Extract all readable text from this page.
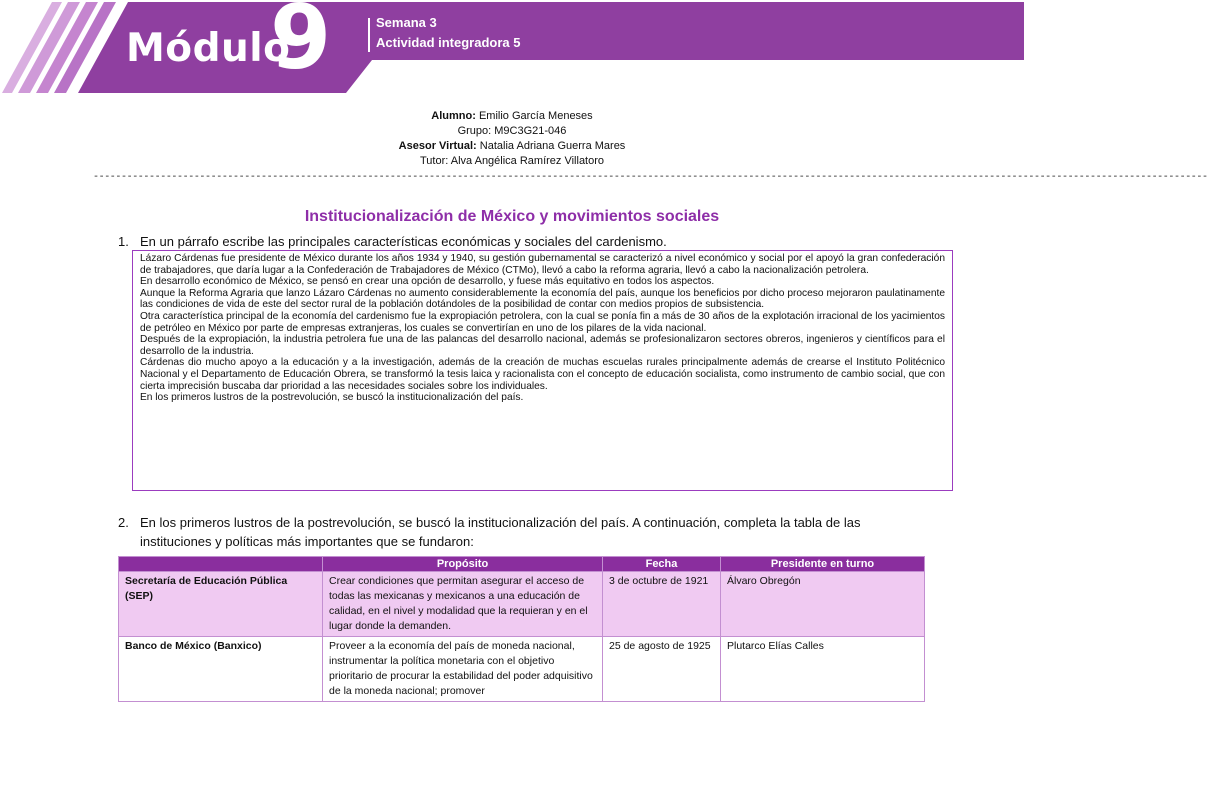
Módulo
9	Semana 3
Actividad integradora 5
Alumno: Emilio García Meneses
Grupo: M9C3G21-046
Asesor Virtual: Natalia Adriana Guerra Mares
Tutor: Alva Angélica Ramírez Villatoro
-------------------------------------------------------------------------------------------------------------------------------------------------------------------------------------------------------
Institucionalización de México y movimientos sociales
1. En un párrafo escribe las principales características económicas y sociales del cardenismo.

Lázaro Cárdenas fue presidente de México durante los años 1934 y 1940, su gestión gubernamental se caracterizó a nivel económico y social por el apoyó la gran confederación de trabajadores, que daría lugar a la Confederación de Trabajadores de México (CTMo), llevó a cabo la reforma agraria, llevó a cabo la nacionalización petrolera.

En desarrollo económico de México, se pensó en crear una opción de desarrollo, y fuese más equitativo en todos los aspectos.

Aunque la Reforma Agraria que lanzo Lázaro Cárdenas no aumento considerablemente la economía del país, aunque los beneficios por dicho proceso mejoraron paulatinamente las condiciones de vida de este del sector rural de la población dotándoles de la posibilidad de contar con medios propios de subsistencia.

Otra característica principal de la economía del cardenismo fue la expropiación petrolera, con la cual se ponía fin a más de 30 años de la explotación irracional de los yacimientos de petróleo en México por parte de empresas extranjeras, los cuales se convertirían en uno de los pilares de la vida nacional.

Después de la expropiación, la industria petrolera fue una de las palancas del desarrollo nacional, además se profesionalizaron sectores obreros, ingenieros y científicos para el desarrollo de la industria.

Cárdenas dio mucho apoyo a la educación y a la investigación, además de la creación de muchas escuelas rurales principalmente además de crearse el Instituto Politécnico Nacional y el Departamento de Educación Obrera, se transformó la tesis laica y racionalista con el concepto de educación socialista, como instrumento de cambio social, que con cierta imprecisión buscaba dar prioridad a las necesidades sociales sobre los individuales.

En los primeros lustros de la postrevolución, se buscó la institucionalización del país.

2. En los primeros lustros de la postrevolución, se buscó la institucionalización del país. A continuación, completa la tabla de las instituciones y políticas más importantes que se fundaron:
	Propósito	Fecha	Presidente en turno
Secretaría de Educación Pública (SEP)	Crear condiciones que permitan asegurar el acceso de todas las mexicanas y mexicanos a una educación de calidad, en el nivel y modalidad que la requieran y en el lugar donde la demanden.	3 de octubre de 1921	Álvaro Obregón
Banco de México (Banxico)	Proveer a la economía del país de moneda nacional, instrumentar la política monetaria con el objetivo prioritario de procurar la estabilidad del poder adquisitivo de la moneda nacional; promover	25 de agosto de 1925	Plutarco Elías Calles
